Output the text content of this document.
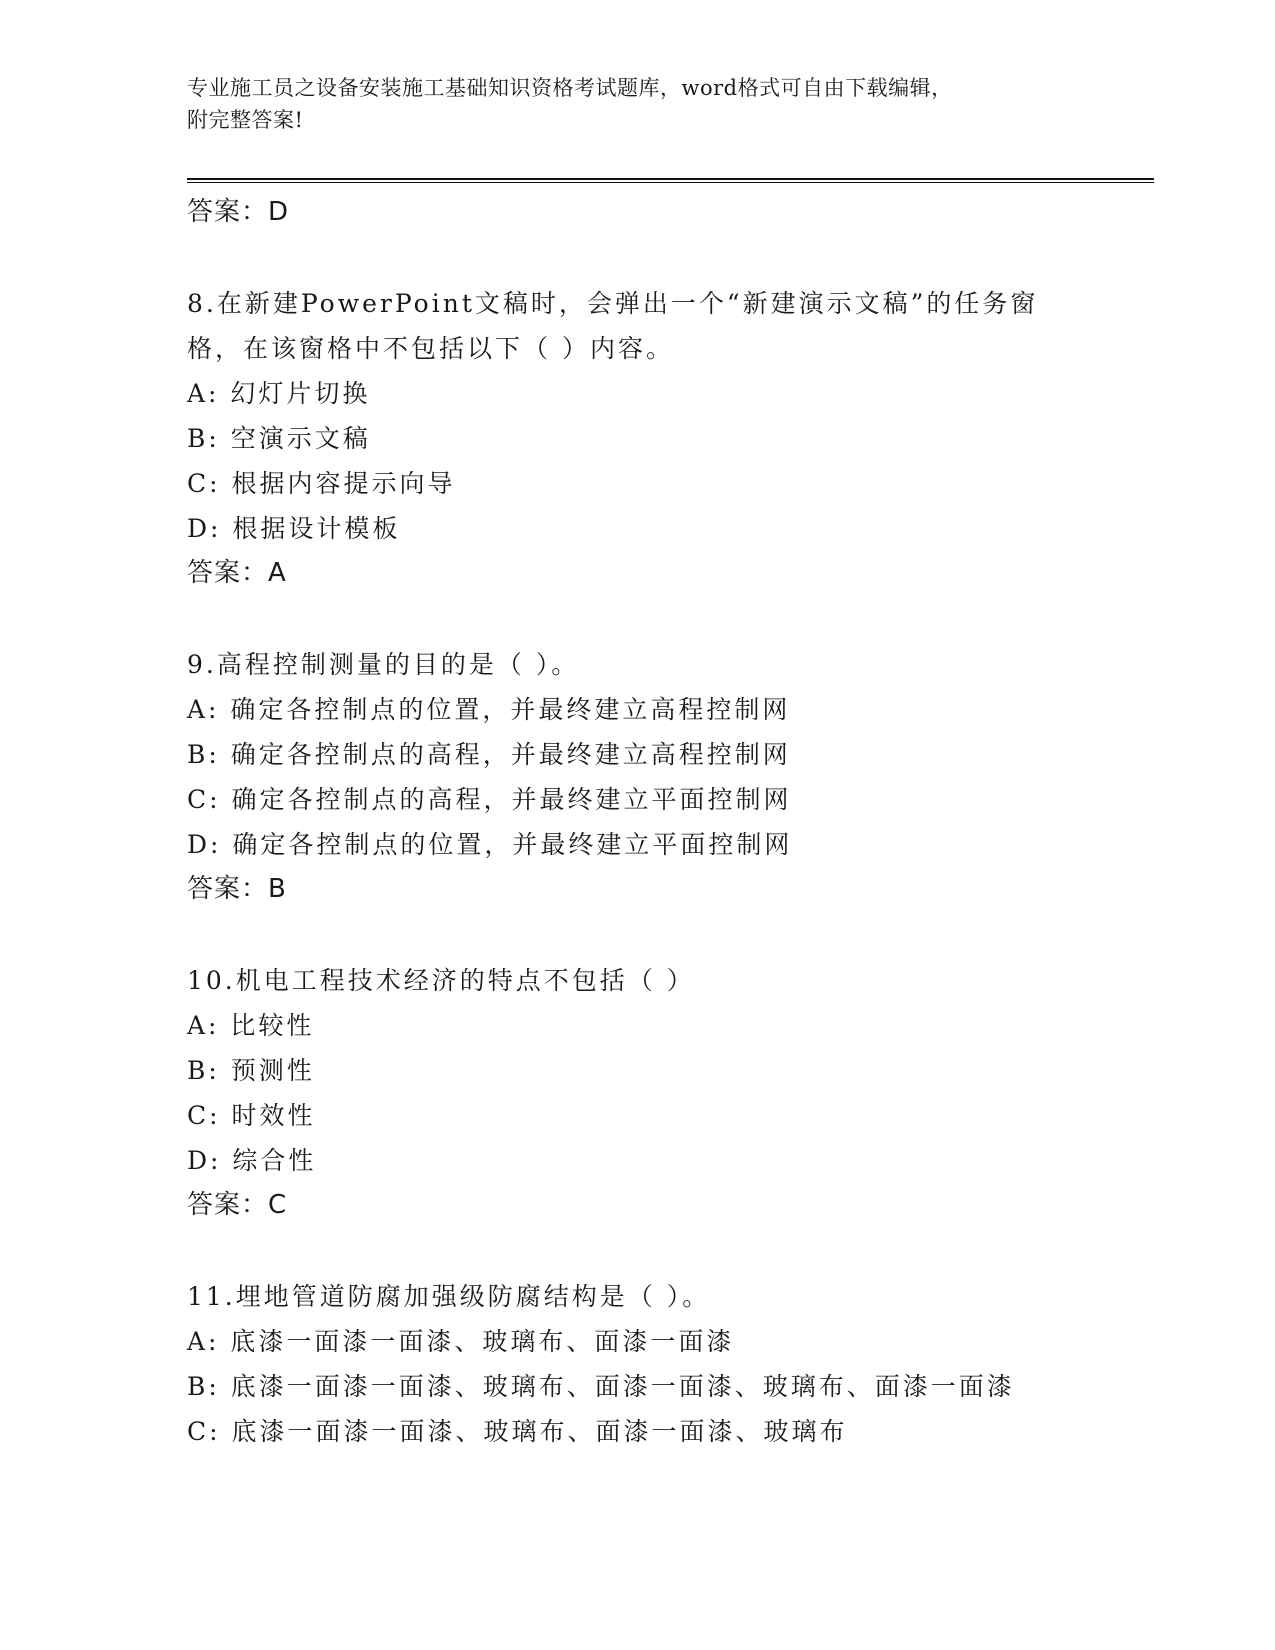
专业施工员之设备安装施工基础知识资格考试题库，word格式可自由下载编辑，
附完整答案!
答案：D
8.在新建PowerPoint文稿时，会弹出一个“新建演示文稿”的任务窗
格，在该窗格中不包括以下（ ）内容。
A: 幻灯片切换
B: 空演示文稿
C: 根据内容提示向导
D: 根据设计模板
答案：A
9.高程控制测量的目的是（ ）。
A: 确定各控制点的位置，并最终建立高程控制网
B: 确定各控制点的高程，并最终建立高程控制网
C: 确定各控制点的高程，并最终建立平面控制网
D: 确定各控制点的位置，并最终建立平面控制网
答案：B
10.机电工程技术经济的特点不包括（ ）
A: 比较性
B: 预测性
C: 时效性
D: 综合性
答案：C
11.埋地管道防腐加强级防腐结构是（ ）。
A: 底漆一面漆一面漆、玻璃布、面漆一面漆
B: 底漆一面漆一面漆、玻璃布、面漆一面漆、玻璃布、面漆一面漆
C: 底漆一面漆一面漆、玻璃布、面漆一面漆、玻璃布
